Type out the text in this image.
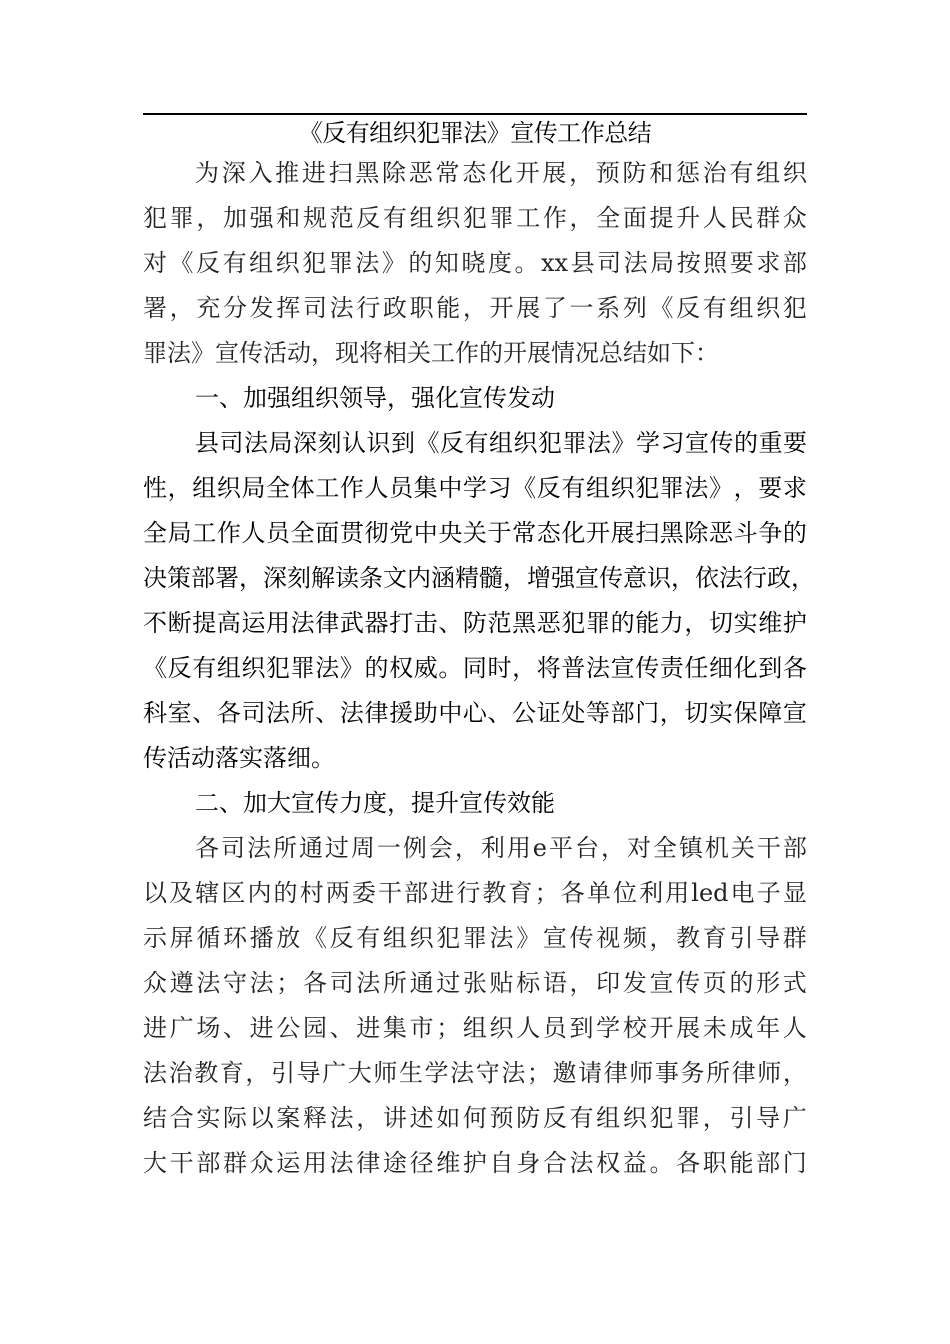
《反有组织犯罪法》宣传工作总结
为 深 入 推 进 扫 黑 除 恶 常 态 化 开 展 ， 预 防 和 惩 治 有 组 织
犯 罪 ， 加 强 和 规 范 反 有 组 织 犯 罪 工 作 ， 全 面 提 升 人 民 群 众
对 《 反 有 组 织 犯 罪 法 》 的 知 晓 度 。 xx 县 司 法 局 按 照 要 求 部
署 ， 充 分 发 挥 司 法 行 政 职 能 ， 开 展 了 一 系 列 《 反 有 组 织 犯
罪法》宣传活动，现将相关工作的开展情况总结如下：
一、加强组织领导，强化宣传发动
县 司 法 局 深 刻 认 识 到 《 反 有 组 织 犯 罪 法 》 学 习 宣 传 的 重 要
性 ， 组 织 局 全 体 工 作 人 员 集 中 学 习 《 反 有 组 织 犯 罪 法 》 ， 要 求
全 局 工 作 人 员 全 面 贯 彻 党 中 央 关 于 常 态 化 开 展 扫 黑 除 恶 斗 争 的
决 策 部 署 ， 深 刻 解 读 条 文 内 涵 精 髓 ， 增 强 宣 传 意 识 ， 依 法 行 政 ，
不 断 提 高 运 用 法 律 武 器 打 击 、 防 范 黑 恶 犯 罪 的 能 力 ， 切 实 维 护
《 反 有 组 织 犯 罪 法 》 的 权 威 。 同 时 ， 将 普 法 宣 传 责 任 细 化 到 各
科 室 、 各 司 法 所 、 法 律 援 助 中 心 、 公 证 处 等 部 门 ， 切 实 保 障 宣
传活动落实落细。
二、加大宣传力度，提升宣传效能
各 司 法 所 通 过 周 一 例 会 ， 利 用 e 平 台 ， 对 全 镇 机 关 干 部
以 及 辖 区 内 的 村 两 委 干 部 进 行 教 育 ； 各 单 位 利 用 led 电 子 显
示 屏 循 环 播 放 《 反 有 组 织 犯 罪 法 》 宣 传 视 频 ， 教 育 引 导 群
众 遵 法 守 法 ； 各 司 法 所 通 过 张 贴 标 语 ， 印 发 宣 传 页 的 形 式
进 广 场 、 进 公 园 、 进 集 市 ； 组 织 人 员 到 学 校 开 展 未 成 年 人
法 治 教 育 ， 引 导 广 大 师 生 学 法 守 法 ； 邀 请 律 师 事 务 所 律 师 ，
结 合 实 际 以 案 释 法 ， 讲 述 如 何 预 防 反 有 组 织 犯 罪 ， 引 导 广
大 干 部 群 众 运 用 法 律 途 径 维 护 自 身 合 法 权 益 。 各 职 能 部 门
